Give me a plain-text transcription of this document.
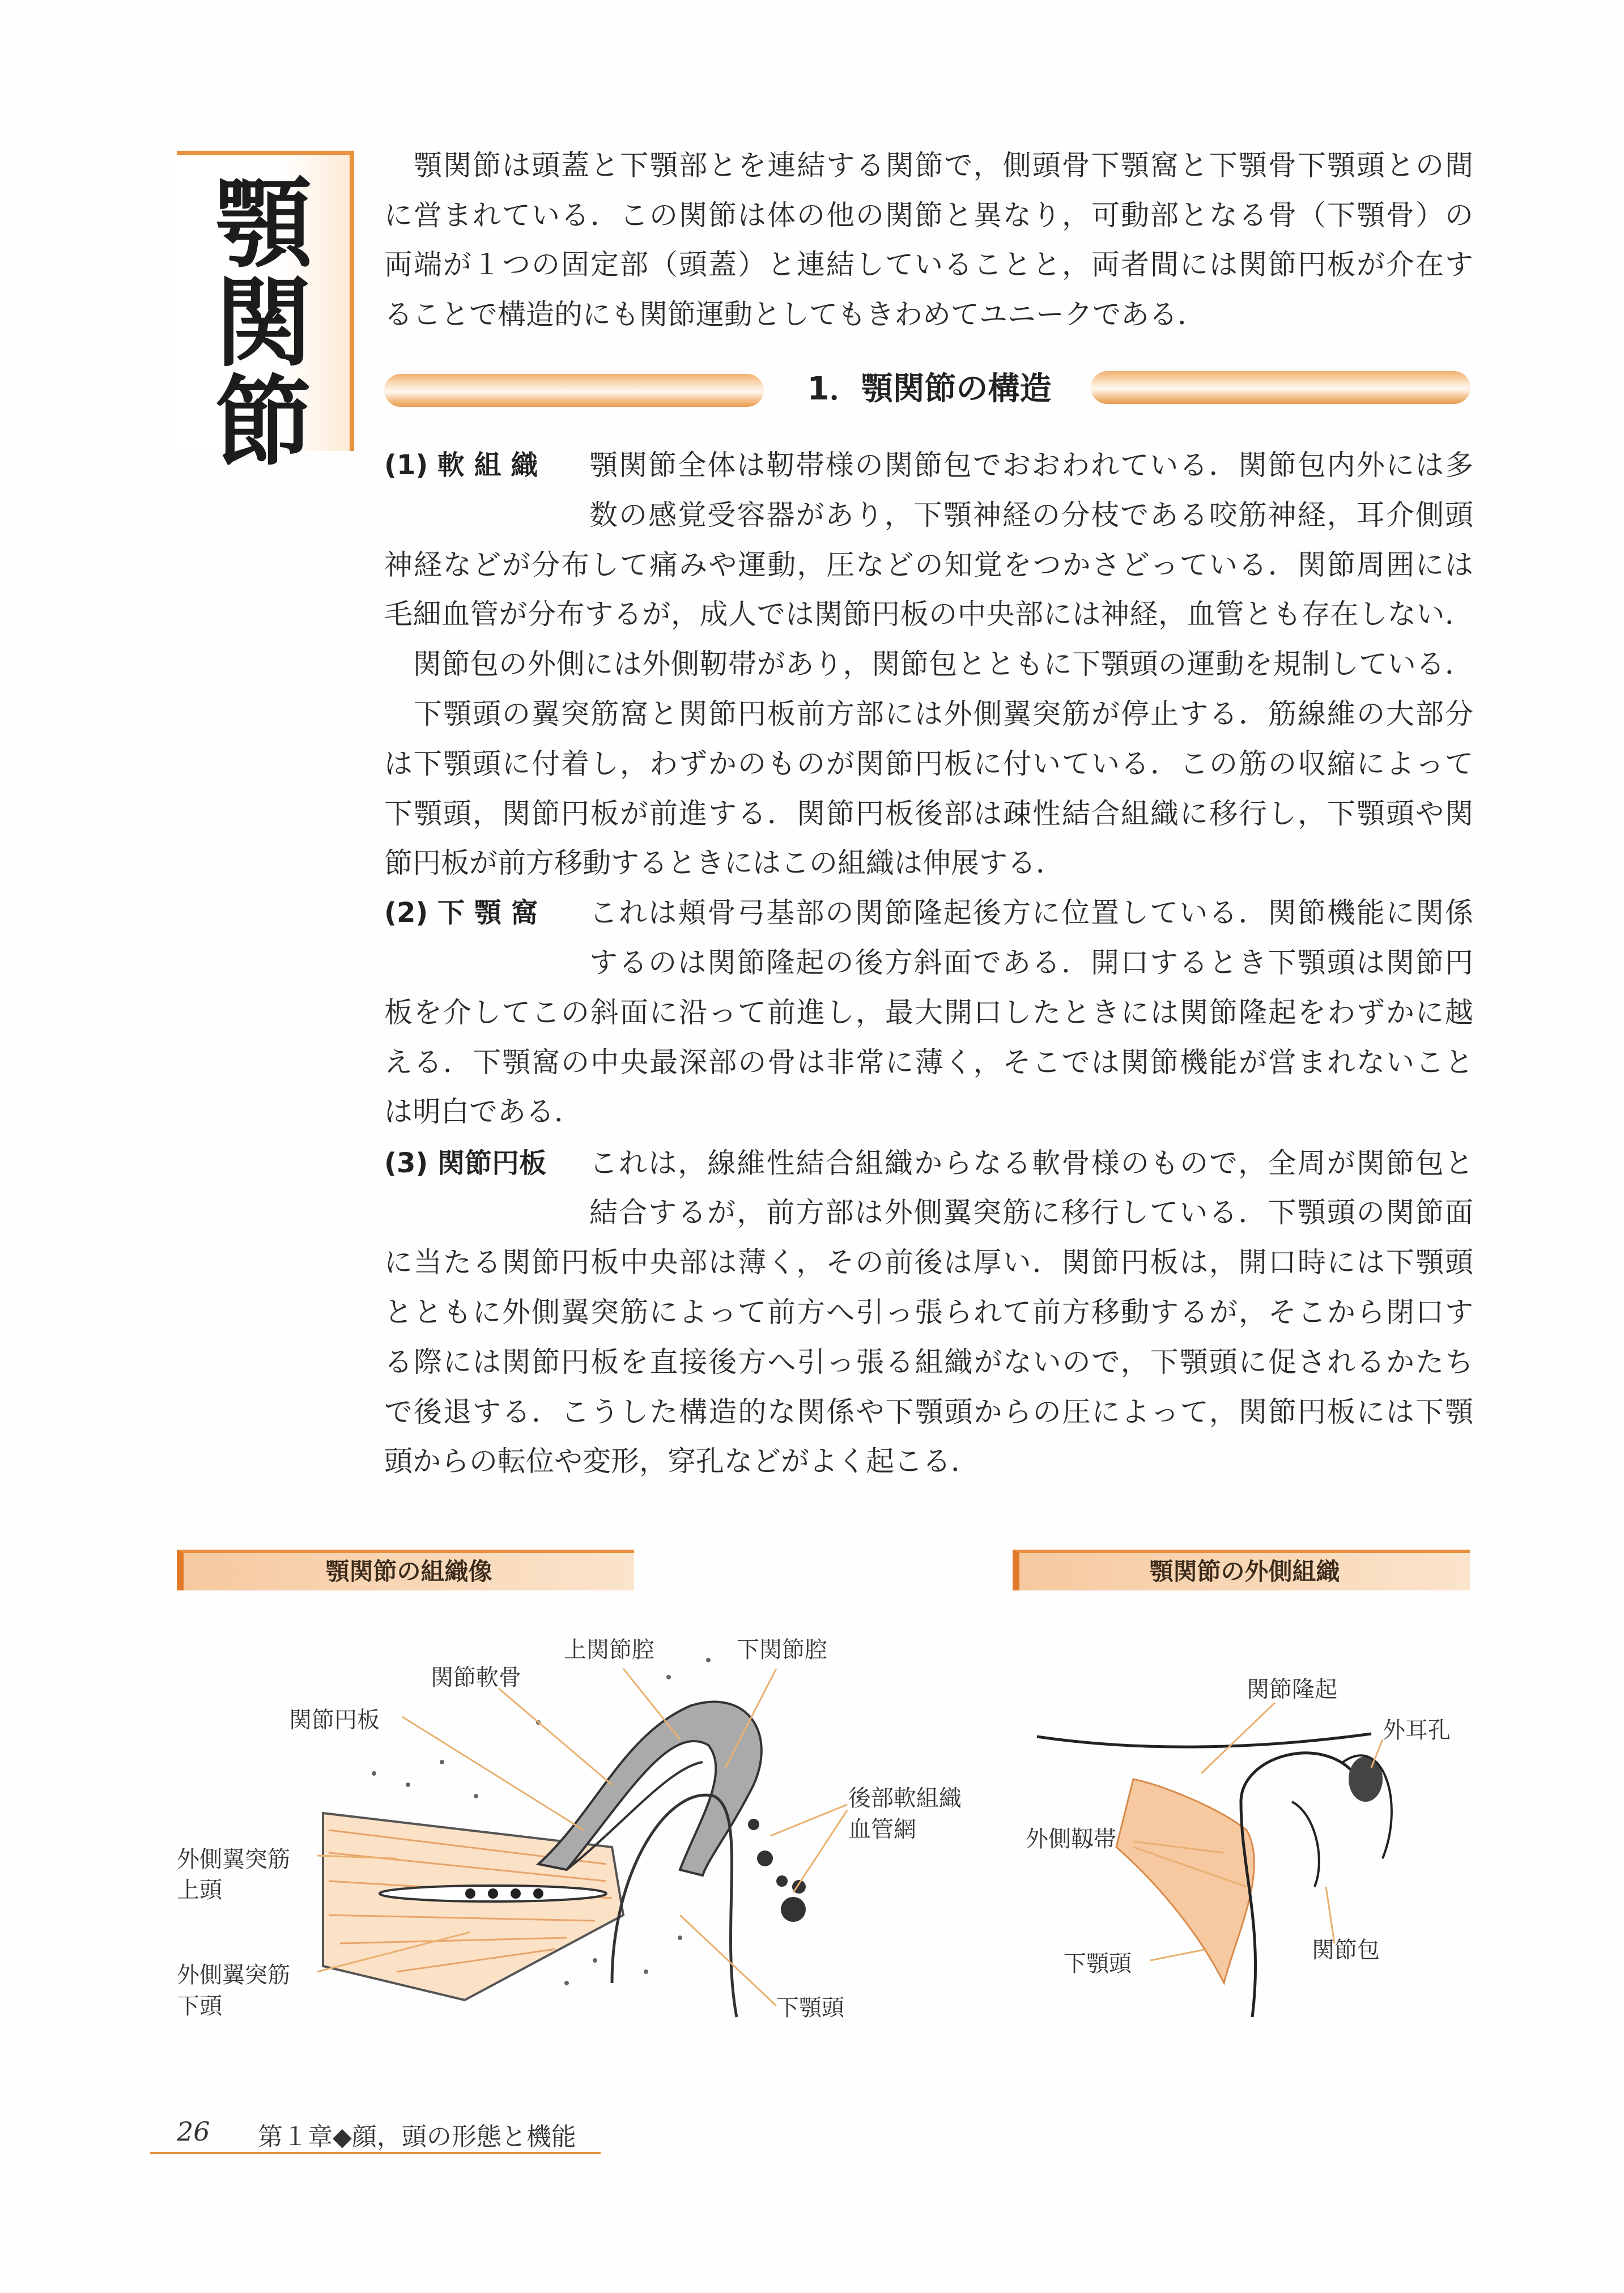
顎
関
節
　顎関節は頭蓋と下顎部とを連結する関節で，側頭骨下顎窩と下顎骨下顎頭との間
に営まれている．この関節は体の他の関節と異なり，可動部となる骨（下顎骨）の
両端が１つの固定部（頭蓋）と連結していることと，両者間には関節円板が介在す
ることで構造的にも関節運動としてもきわめてユニークである．
1．顎関節の構造
(1) 軟 組 織 顎関節全体は靭帯様の関節包でおおわれている．関節包内外には多
数の感覚受容器があり，下顎神経の分枝である咬筋神経，耳介側頭
神経などが分布して痛みや運動，圧などの知覚をつかさどっている．関節周囲には
毛細血管が分布するが，成人では関節円板の中央部には神経，血管とも存在しない．
　関節包の外側には外側靭帯があり，関節包とともに下顎頭の運動を規制している．
　下顎頭の翼突筋窩と関節円板前方部には外側翼突筋が停止する．筋線維の大部分
は下顎頭に付着し，わずかのものが関節円板に付いている．この筋の収縮によって
下顎頭，関節円板が前進する．関節円板後部は疎性結合組織に移行し，下顎頭や関
節円板が前方移動するときにはこの組織は伸展する．
(2) 下 顎 窩 これは頬骨弓基部の関節隆起後方に位置している．関節機能に関係
するのは関節隆起の後方斜面である．開口するとき下顎頭は関節円
板を介してこの斜面に沿って前進し，最大開口したときには関節隆起をわずかに越
える．下顎窩の中央最深部の骨は非常に薄く，そこでは関節機能が営まれないこと
は明白である．
(3) 関節円板 これは，線維性結合組織からなる軟骨様のもので，全周が関節包と
結合するが，前方部は外側翼突筋に移行している．下顎頭の関節面
に当たる関節円板中央部は薄く，その前後は厚い．関節円板は，開口時には下顎頭
とともに外側翼突筋によって前方へ引っ張られて前方移動するが，そこから閉口す
る際には関節円板を直接後方へ引っ張る組織がないので，下顎頭に促されるかたち
で後退する．こうした構造的な関係や下顎頭からの圧によって，関節円板には下顎
頭からの転位や変形，穿孔などがよく起こる．
顎関節の組織像	顎関節の外側組織
上関節腔	下関節腔
関節軟骨
関節円板
後部軟組織
血管網
外側翼突筋
上頭
外側翼突筋
下頭	下顎頭
関節隆起
外耳孔
外側靱帯
関節包
下顎頭
26 第１章◆顔，頭の形態と機能
